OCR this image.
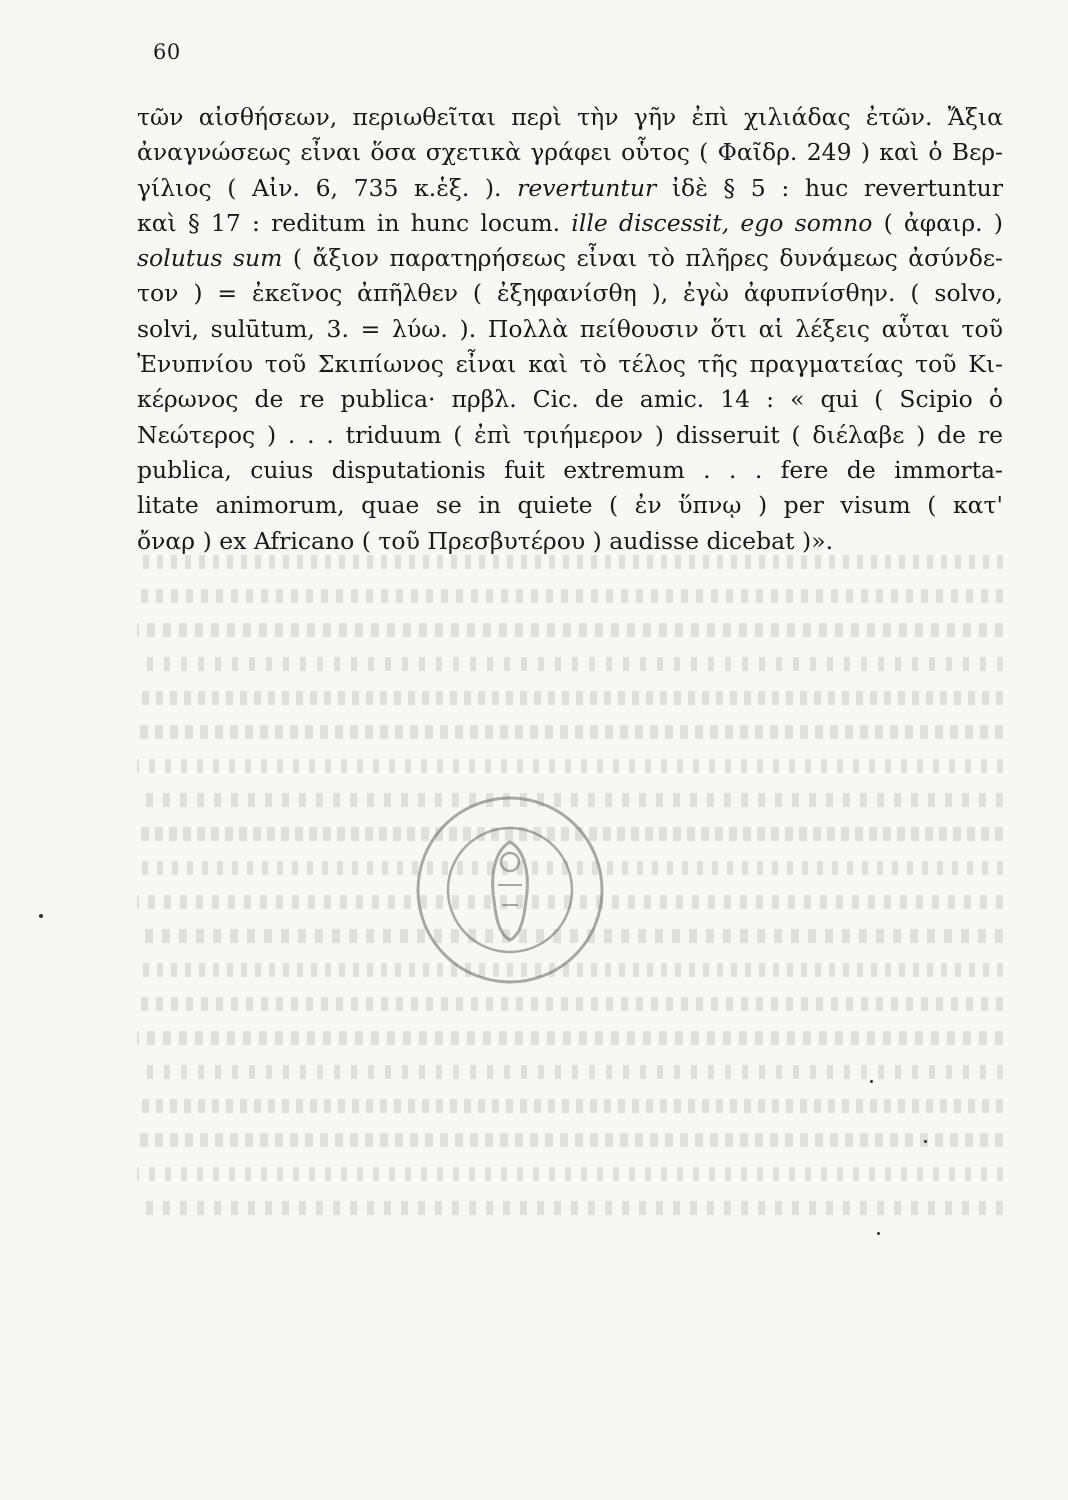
60
τῶν αἰσθήσεων, περιωθεῖται περὶ τὴν γῆν ἐπὶ χιλιάδας ἐτῶν. Ἄξια
ἀναγνώσεως εἶναι ὅσα σχετικὰ γράφει οὗτος ( Φαῖδρ. 249 ) καὶ ὁ Βερ-
γίλιος ( Αἰν. 6, 735 κ.ἑξ. ). revertuntur ἰδὲ § 5 : huc revertuntur
καὶ § 17 : reditum in hunc locum. ille discessit, ego somno ( ἀφαιρ. )
solutus sum ( ἄξιον παρατηρήσεως εἶναι τὸ πλῆρες δυνάμεως ἀσύνδε-
τον ) = ἐκεῖνος ἀπῆλθεν ( ἐξηφανίσθη ), ἐγὼ ἀφυπνίσθην. ( solvo,
solvi, sulūtum, 3. = λύω. ). Πολλὰ πείθουσιν ὅτι αἱ λέξεις αὗται τοῦ
Ἐνυπνίου τοῦ Σκιπίωνος εἶναι καὶ τὸ τέλος τῆς πραγματείας τοῦ Κι-
κέρωνος de re publica· πρβλ. Cic. de amic. 14 : « qui ( Scipio ὁ
Νεώτερος ) . . . triduum ( ἐπὶ τριήμερον ) disseruit ( διέλαβε ) de re
publica, cuius disputationis fuit extremum . . . fere de immorta-
litate animorum, quae se in quiete ( ἐν ὕπνῳ ) per visum ( κατ'
ὄναρ ) ex Africano ( τοῦ Πρεσβυτέρου ) audisse dicebat )».
